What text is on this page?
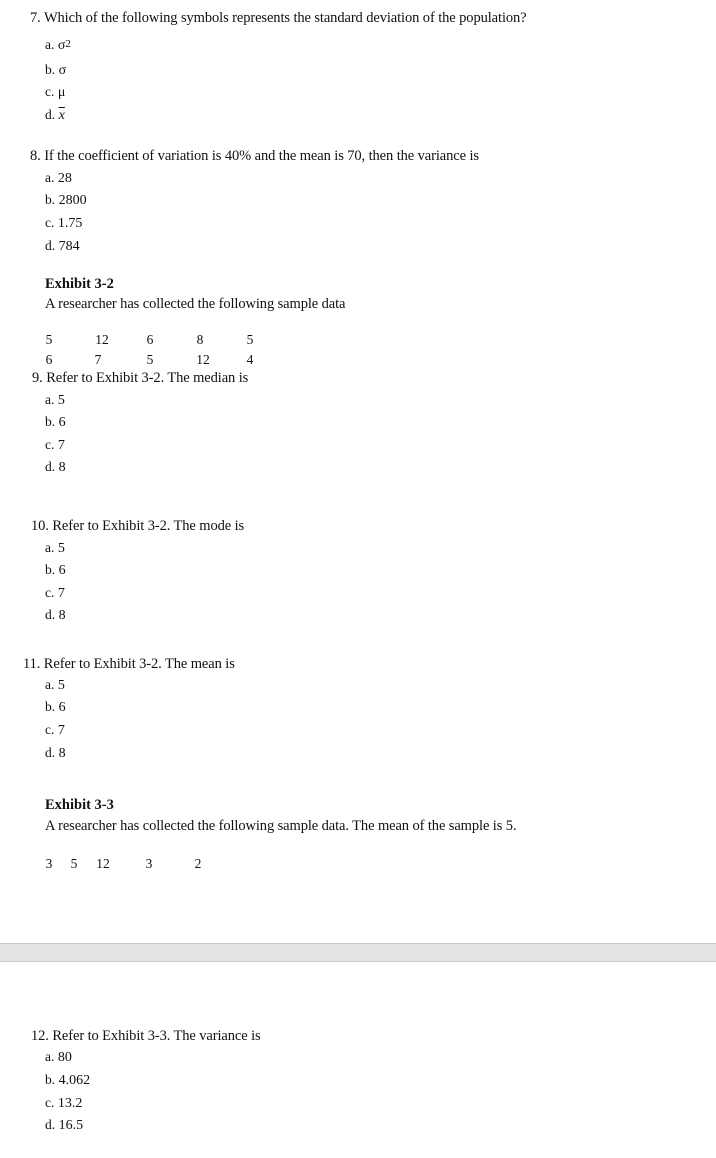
7. Which of the following symbols represents the standard deviation of the population?
a. $\sigma^2$
b. σ
c. μ
d. $\overline{x}$
8. If the coefficient of variation is 40% and the mean is 70, then the variance is
a. 28
b. 2800
c. 1.75
d. 784
Exhibit 3-2
A researcher has collected the following sample data
5	12	6	8	5
6	7	5	12	4
9. Refer to Exhibit 3-2. The median is
a. 5
b. 6
c. 7
d. 8
10. Refer to Exhibit 3-2. The mode is
a. 5
b. 6
c. 7
d. 8
11. Refer to Exhibit 3-2. The mean is
a. 5
b. 6
c. 7
d. 8
Exhibit 3-3
A researcher has collected the following sample data. The mean of the sample is 5.
3	5	12	3	2
12. Refer to Exhibit 3-3. The variance is
a. 80
b. 4.062
c. 13.2
d. 16.5
